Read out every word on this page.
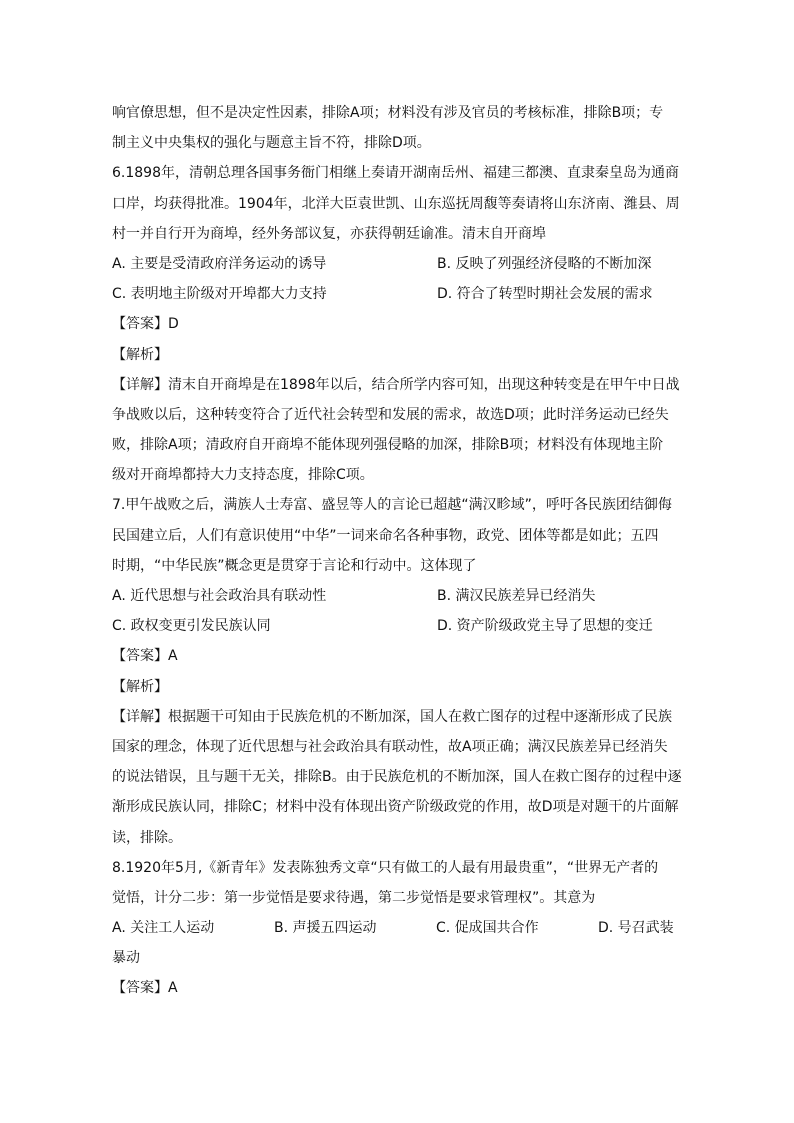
响官僚思想，但不是决定性因素，排除A项；材料没有涉及官员的考核标准，排除B项；专
制主义中央集权的强化与题意主旨不符，排除D项。
6.1898年，清朝总理各国事务衙门相继上奏请开湖南岳州、福建三都澳、直隶秦皇岛为通商
口岸，均获得批准。1904年，北洋大臣袁世凯、山东巡抚周馥等奏请将山东济南、潍县、周
村一并自行开为商埠，经外务部议复，亦获得朝廷谕准。清末自开商埠
A. 主要是受清政府洋务运动的诱导	B. 反映了列强经济侵略的不断加深
C. 表明地主阶级对开埠都大力支持	D. 符合了转型时期社会发展的需求
【答案】D
【解析】
【详解】清末自开商埠是在1898年以后，结合所学内容可知，出现这种转变是在甲午中日战
争战败以后，这种转变符合了近代社会转型和发展的需求，故选D项；此时洋务运动已经失
败，排除A项；清政府自开商埠不能体现列强侵略的加深，排除B项；材料没有体现地主阶
级对开商埠都持大力支持态度，排除C项。
7.甲午战败之后，满族人士寿富、盛昱等人的言论已超越“满汉畛域”，呼吁各民族团结御侮
民国建立后，人们有意识使用“中华”一词来命名各种事物，政党、团体等都是如此；五四
时期，“中华民族”概念更是贯穿于言论和行动中。这体现了
A. 近代思想与社会政治具有联动性	B. 满汉民族差异已经消失
C. 政权变更引发民族认同	D. 资产阶级政党主导了思想的变迁
【答案】A
【解析】
【详解】根据题干可知由于民族危机的不断加深，国人在救亡图存的过程中逐渐形成了民族
国家的理念，体现了近代思想与社会政治具有联动性，故A项正确；满汉民族差异已经消失
的说法错误，且与题干无关，排除B。由于民族危机的不断加深，国人在救亡图存的过程中逐
渐形成民族认同，排除C；材料中没有体现出资产阶级政党的作用，故D项是对题干的片面解
读，排除。
8.1920年5月,《新青年》发表陈独秀文章“只有做工的人最有用最贵重”，“世界无产者的
觉悟，计分二步：第一步觉悟是要求待遇，第二步觉悟是要求管理权”。其意为
A. 关注工人运动	B. 声援五四运动	C. 促成国共合作	D. 号召武装
暴动
【答案】A
